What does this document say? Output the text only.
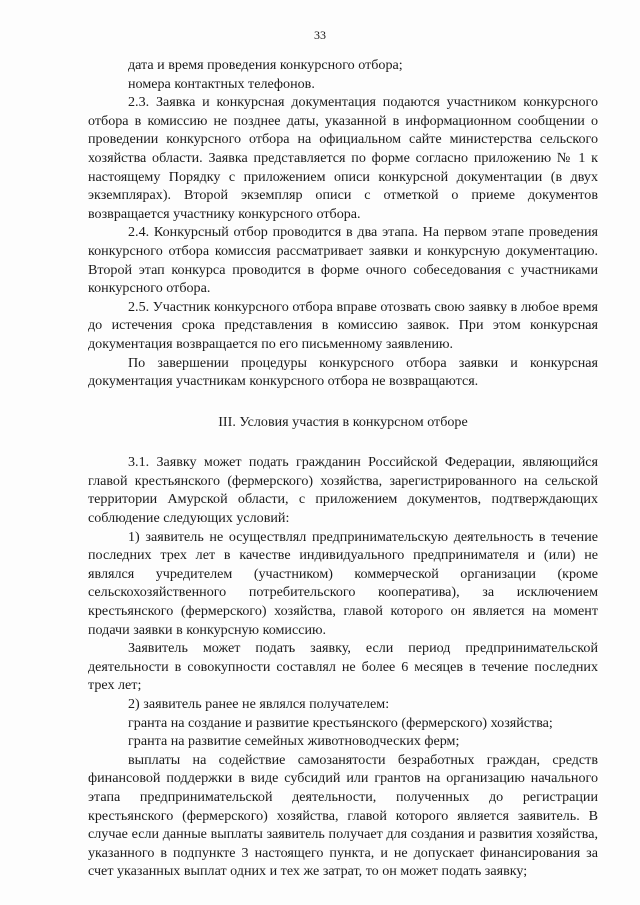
33

дата и время проведения конкурсного отбора;

номера контактных телефонов.

2.3. Заявка и конкурсная документация подаются участником конкурсного отбора в комиссию не позднее даты, указанной в информационном сообщении о проведении конкурсного отбора на официальном сайте министерства сельского хозяйства области. Заявка представляется по форме согласно приложению № 1 к настоящему Порядку с приложением описи конкурсной документации (в двух экземплярах). Второй экземпляр описи с отметкой о приеме документов возвращается участнику конкурсного отбора.

2.4. Конкурсный отбор проводится в два этапа. На первом этапе проведения конкурсного отбора комиссия рассматривает заявки и конкурсную документацию. Второй этап конкурса проводится в форме очного собеседования с участниками конкурсного отбора.

2.5. Участник конкурсного отбора вправе отозвать свою заявку в любое время до истечения срока представления в комиссию заявок. При этом конкурсная документация возвращается по его письменному заявлению.

По завершении процедуры конкурсного отбора заявки и конкурсная документация участникам конкурсного отбора не возвращаются.

III. Условия участия в конкурсном отборе

3.1. Заявку может подать гражданин Российской Федерации, являющийся главой крестьянского (фермерского) хозяйства, зарегистрированного на сельской территории Амурской области, с приложением документов, подтверждающих соблюдение следующих условий:

1) заявитель не осуществлял предпринимательскую деятельность в течение последних трех лет в качестве индивидуального предпринимателя и (или) не являлся учредителем (участником) коммерческой организации (кроме сельскохозяйственного потребительского кооператива), за исключением крестьянского (фермерского) хозяйства, главой которого он является на момент подачи заявки в конкурсную комиссию.

Заявитель может подать заявку, если период предпринимательской деятельности в совокупности составлял не более 6 месяцев в течение последних трех лет;

2) заявитель ранее не являлся получателем:

гранта на создание и развитие крестьянского (фермерского) хозяйства;

гранта на развитие семейных животноводческих ферм;

выплаты на содействие самозанятости безработных граждан, средств финансовой поддержки в виде субсидий или грантов на организацию начального этапа предпринимательской деятельности, полученных до регистрации крестьянского (фермерского) хозяйства, главой которого является заявитель. В случае если данные выплаты заявитель получает для создания и развития хозяйства, указанного в подпункте 3 настоящего пункта, и не допускает финансирования за счет указанных выплат одних и тех же затрат, то он может подать заявку;
